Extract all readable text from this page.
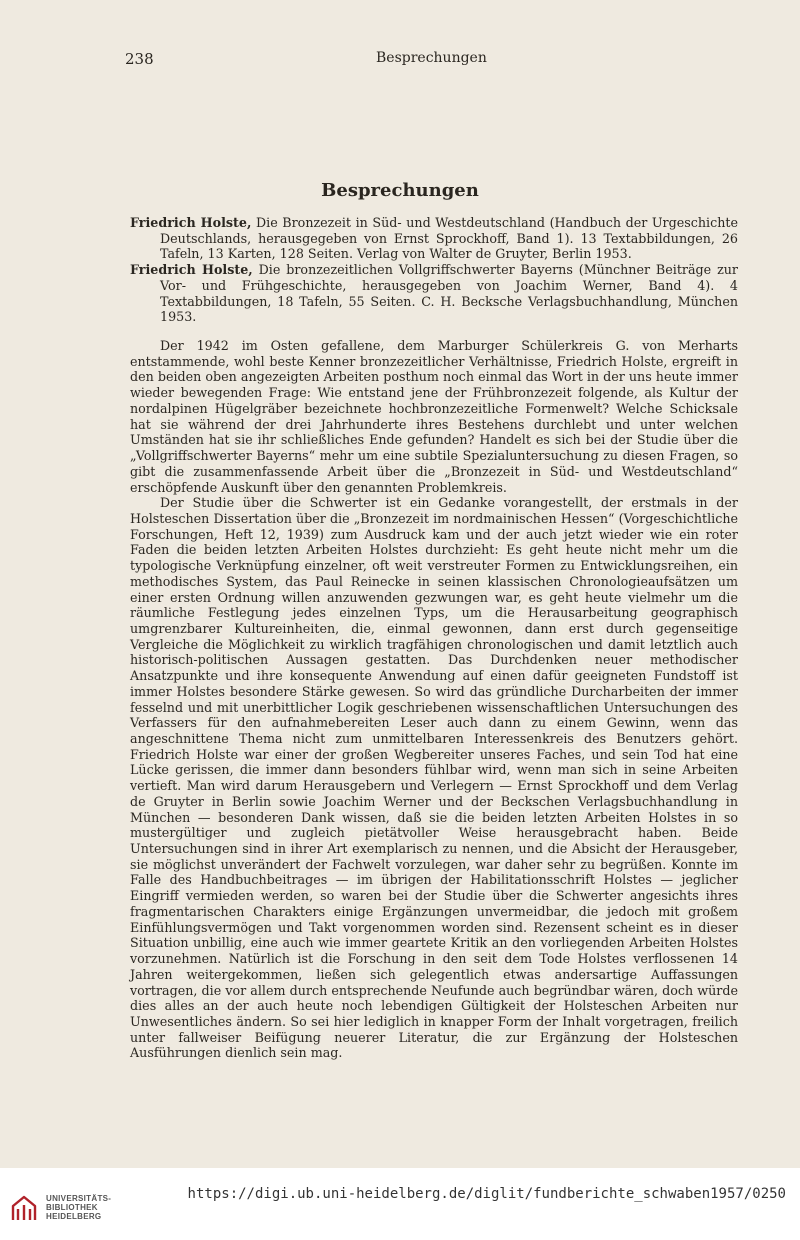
238	Besprechungen
Besprechungen

Friedrich Holste, Die Bronzezeit in Süd- und Westdeutschland (Handbuch der Urgeschichte Deutschlands, herausgegeben von Ernst Sprockhoff, Band 1). 13 Textabbildungen, 26 Tafeln, 13 Karten, 128 Seiten. Verlag von Walter de Gruyter, Berlin 1953.

Friedrich Holste, Die bronzezeitlichen Vollgriffschwerter Bayerns (Münchner Beiträge zur Vor- und Frühgeschichte, herausgegeben von Joachim Werner, Band 4). 4 Textabbildungen, 18 Tafeln, 55 Seiten. C. H. Becksche Verlagsbuchhandlung, München 1953.

Der 1942 im Osten gefallene, dem Marburger Schülerkreis G. von Merharts entstammende, wohl beste Kenner bronzezeitlicher Verhältnisse, Friedrich Holste, ergreift in den beiden oben angezeigten Arbeiten posthum noch einmal das Wort in der uns heute immer wieder bewegenden Frage: Wie entstand jene der Frühbronzezeit folgende, als Kultur der nordalpinen Hügelgräber bezeichnete hochbronzezeitliche Formenwelt? Welche Schicksale hat sie während der drei Jahrhunderte ihres Bestehens durchlebt und unter welchen Umständen hat sie ihr schließliches Ende gefunden? Handelt es sich bei der Studie über die „Vollgriffschwerter Bayerns“ mehr um eine subtile Spezialuntersuchung zu diesen Fragen, so gibt die zusammenfassende Arbeit über die „Bronzezeit in Süd- und Westdeutschland“ erschöpfende Auskunft über den genannten Problemkreis.

Der Studie über die Schwerter ist ein Gedanke vorangestellt, der erstmals in der Holsteschen Dissertation über die „Bronzezeit im nordmainischen Hessen“ (Vorgeschichtliche Forschungen, Heft 12, 1939) zum Ausdruck kam und der auch jetzt wieder wie ein roter Faden die beiden letzten Arbeiten Holstes durchzieht: Es geht heute nicht mehr um die typologische Verknüpfung einzelner, oft weit verstreuter Formen zu Entwicklungsreihen, ein methodisches System, das Paul Reinecke in seinen klassischen Chronologieaufsätzen um einer ersten Ordnung willen anzuwenden gezwungen war, es geht heute vielmehr um die räumliche Festlegung jedes einzelnen Typs, um die Herausarbeitung geographisch umgrenzbarer Kultureinheiten, die, einmal gewonnen, dann erst durch gegenseitige Vergleiche die Möglichkeit zu wirklich tragfähigen chronologischen und damit letztlich auch historisch-politischen Aussagen gestatten. Das Durchdenken neuer methodischer Ansatzpunkte und ihre konsequente Anwendung auf einen dafür geeigneten Fundstoff ist immer Holstes besondere Stärke gewesen. So wird das gründliche Durcharbeiten der immer fesselnd und mit unerbittlicher Logik geschriebenen wissenschaftlichen Untersuchungen des Verfassers für den aufnahmebereiten Leser auch dann zu einem Gewinn, wenn das angeschnittene Thema nicht zum unmittelbaren Interessenkreis des Benutzers gehört. Friedrich Holste war einer der großen Wegbereiter unseres Faches, und sein Tod hat eine Lücke gerissen, die immer dann besonders fühlbar wird, wenn man sich in seine Arbeiten vertieft. Man wird darum Herausgebern und Verlegern — Ernst Sprockhoff und dem Verlag de Gruyter in Berlin sowie Joachim Werner und der Beckschen Verlagsbuchhandlung in München — besonderen Dank wissen, daß sie die beiden letzten Arbeiten Holstes in so mustergültiger und zugleich pietätvoller Weise herausgebracht haben. Beide Untersuchungen sind in ihrer Art exemplarisch zu nennen, und die Absicht der Herausgeber, sie möglichst unverändert der Fachwelt vorzulegen, war daher sehr zu begrüßen. Konnte im Falle des Handbuchbeitrages — im übrigen der Habilitationsschrift Holstes — jeglicher Eingriff vermieden werden, so waren bei der Studie über die Schwerter angesichts ihres fragmentarischen Charakters einige Ergänzungen unvermeidbar, die jedoch mit großem Einfühlungsvermögen und Takt vorgenommen worden sind. Rezensent scheint es in dieser Situation unbillig, eine auch wie immer geartete Kritik an den vorliegenden Arbeiten Holstes vorzunehmen. Natürlich ist die Forschung in den seit dem Tode Holstes verflossenen 14 Jahren weitergekommen, ließen sich gelegentlich etwas andersartige Auffassungen vortragen, die vor allem durch entsprechende Neufunde auch begründbar wären, doch würde dies alles an der auch heute noch lebendigen Gültigkeit der Holsteschen Arbeiten nur Unwesentliches ändern. So sei hier lediglich in knapper Form der Inhalt vorgetragen, freilich unter fallweiser Beifügung neuerer Literatur, die zur Ergänzung der Holsteschen Ausführungen dienlich sein mag.

UNIVERSITÄTS-
BIBLIOTHEK
HEIDELBERG
https://digi.ub.uni-heidelberg.de/diglit/fundberichte_schwaben1957/0250
